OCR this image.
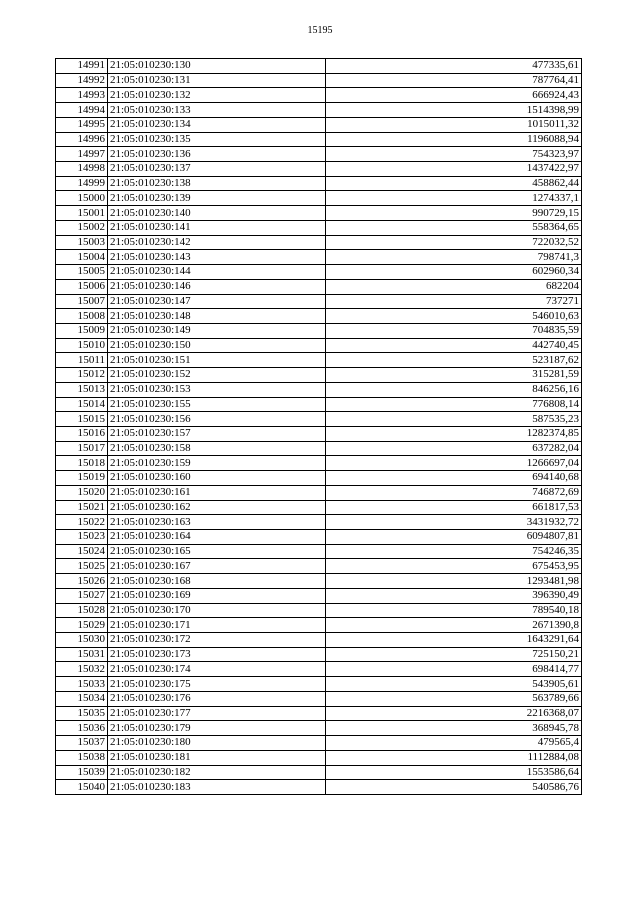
15195
14991	21:05:010230:130	477335,61
14992	21:05:010230:131	787764,41
14993	21:05:010230:132	666924,43
14994	21:05:010230:133	1514398,99
14995	21:05:010230:134	1015011,32
14996	21:05:010230:135	1196088,94
14997	21:05:010230:136	754323,97
14998	21:05:010230:137	1437422,97
14999	21:05:010230:138	458862,44
15000	21:05:010230:139	1274337,1
15001	21:05:010230:140	990729,15
15002	21:05:010230:141	558364,65
15003	21:05:010230:142	722032,52
15004	21:05:010230:143	798741,3
15005	21:05:010230:144	602960,34
15006	21:05:010230:146	682204
15007	21:05:010230:147	737271
15008	21:05:010230:148	546010,63
15009	21:05:010230:149	704835,59
15010	21:05:010230:150	442740,45
15011	21:05:010230:151	523187,62
15012	21:05:010230:152	315281,59
15013	21:05:010230:153	846256,16
15014	21:05:010230:155	776808,14
15015	21:05:010230:156	587535,23
15016	21:05:010230:157	1282374,85
15017	21:05:010230:158	637282,04
15018	21:05:010230:159	1266697,04
15019	21:05:010230:160	694140,68
15020	21:05:010230:161	746872,69
15021	21:05:010230:162	661817,53
15022	21:05:010230:163	3431932,72
15023	21:05:010230:164	6094807,81
15024	21:05:010230:165	754246,35
15025	21:05:010230:167	675453,95
15026	21:05:010230:168	1293481,98
15027	21:05:010230:169	396390,49
15028	21:05:010230:170	789540,18
15029	21:05:010230:171	2671390,8
15030	21:05:010230:172	1643291,64
15031	21:05:010230:173	725150,21
15032	21:05:010230:174	698414,77
15033	21:05:010230:175	543905,61
15034	21:05:010230:176	563789,66
15035	21:05:010230:177	2216368,07
15036	21:05:010230:179	368945,78
15037	21:05:010230:180	479565,4
15038	21:05:010230:181	1112884,08
15039	21:05:010230:182	1553586,64
15040	21:05:010230:183	540586,76
